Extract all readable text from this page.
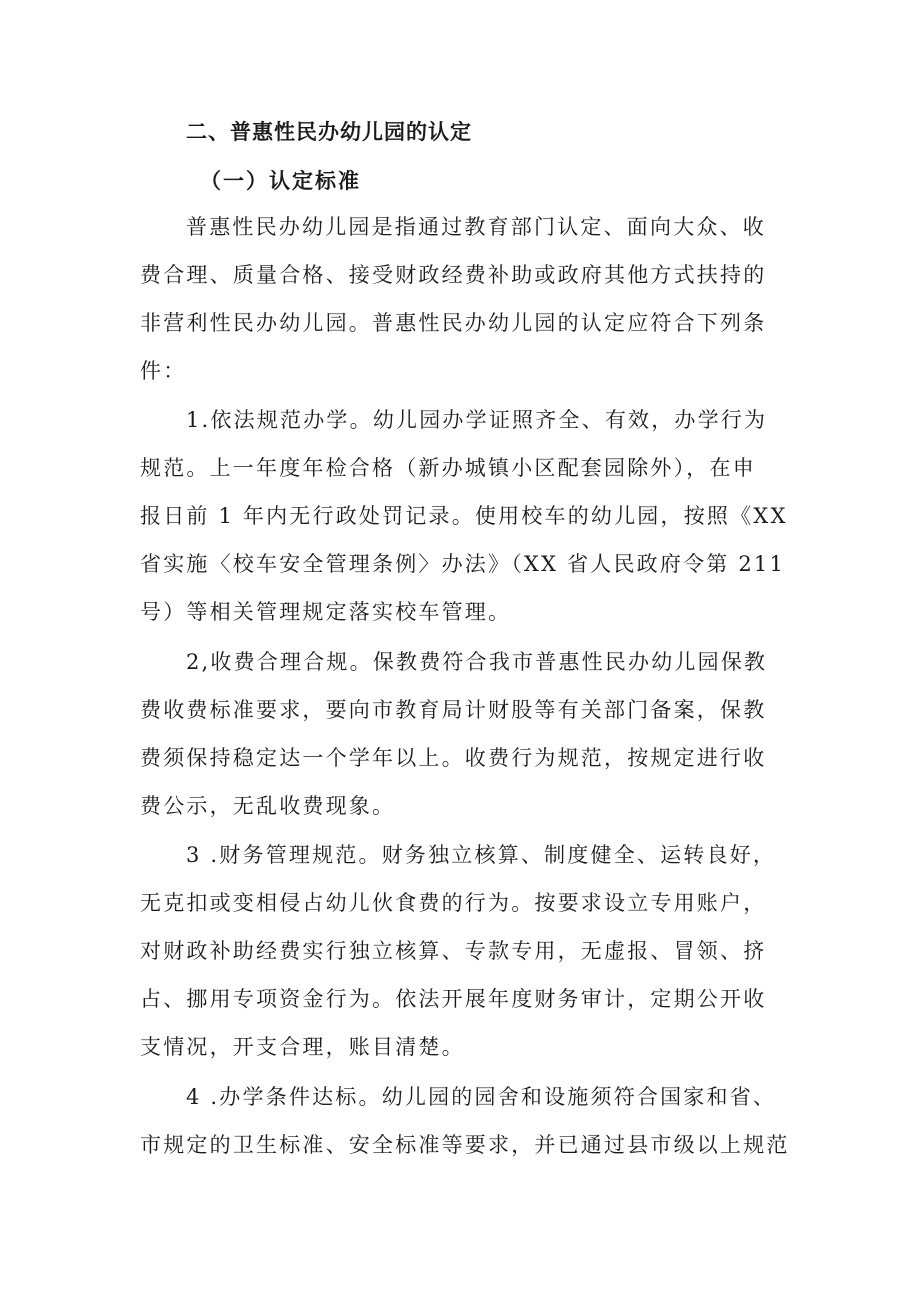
二、普惠性民办幼儿园的认定
（一）认定标准
普惠性民办幼儿园是指通过教育部门认定、面向大众、收
费合理、质量合格、接受财政经费补助或政府其他方式扶持的
非营利性民办幼儿园。普惠性民办幼儿园的认定应符合下列条
件：
1.依法规范办学。幼儿园办学证照齐全、有效，办学行为
规范。上一年度年检合格（新办城镇小区配套园除外），在申
报日前 1 年内无行政处罚记录。使用校车的幼儿园，按照《XX
省实施〈校车安全管理条例〉办法》（XX 省人民政府令第 211
号）等相关管理规定落实校车管理。
2,收费合理合规。保教费符合我市普惠性民办幼儿园保教
费收费标准要求，要向市教育局计财股等有关部门备案，保教
费须保持稳定达一个学年以上。收费行为规范，按规定进行收
费公示，无乱收费现象。
3 .财务管理规范。财务独立核算、制度健全、运转良好，
无克扣或变相侵占幼儿伙食费的行为。按要求设立专用账户，
对财政补助经费实行独立核算、专款专用，无虚报、冒领、挤
占、挪用专项资金行为。依法开展年度财务审计，定期公开收
支情况，开支合理，账目清楚。
4 .办学条件达标。幼儿园的园舍和设施须符合国家和省、
市规定的卫生标准、安全标准等要求，并已通过县市级以上规范
